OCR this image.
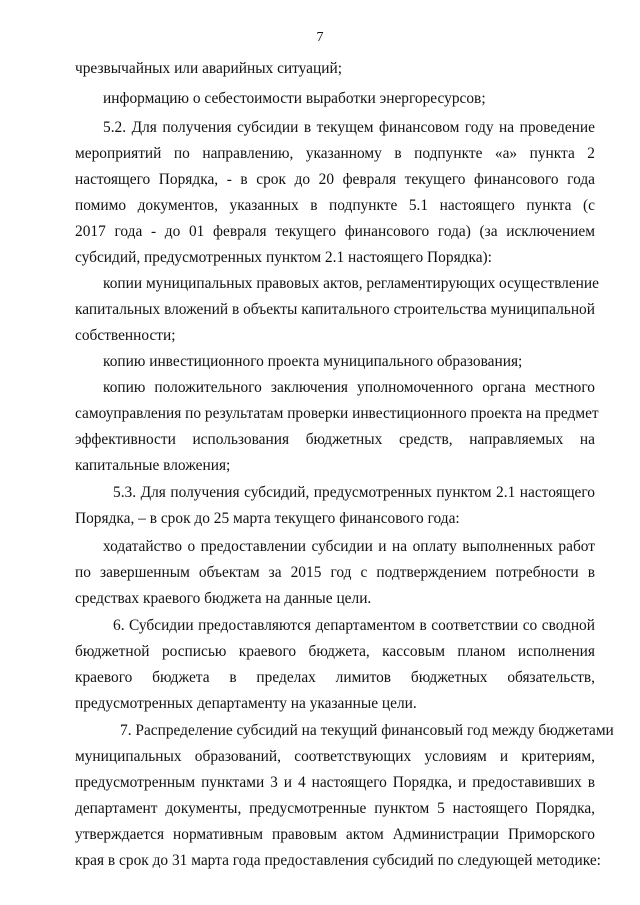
7
чрезвычайных или аварийных ситуаций;
информацию о себестоимости выработки энергоресурсов;
5.2. Для получения субсидии в текущем финансовом году на проведение
мероприятий по направлению, указанному в подпункте «а» пункта 2
настоящего Порядка, - в срок до 20 февраля текущего финансового года
помимо документов, указанных в подпункте 5.1 настоящего пункта (с
2017 года - до 01 февраля текущего финансового года) (за исключением
субсидий, предусмотренных пунктом 2.1 настоящего Порядка):
копии муниципальных правовых актов, регламентирующих осуществление
капитальных вложений в объекты капитального строительства муниципальной
собственности;
копию инвестиционного проекта муниципального образования;
копию положительного заключения уполномоченного органа местного
самоуправления по результатам проверки инвестиционного проекта на предмет
эффективности использования бюджетных средств, направляемых на
капитальные вложения;
5.3. Для получения субсидий, предусмотренных пунктом 2.1 настоящего
Порядка, – в срок до 25 марта текущего финансового года:
ходатайство о предоставлении субсидии и на оплату выполненных работ
по завершенным объектам за 2015 год с подтверждением потребности в
средствах краевого бюджета на данные цели.
6. Субсидии предоставляются департаментом в соответствии со сводной
бюджетной росписью краевого бюджета, кассовым планом исполнения
краевого бюджета в пределах лимитов бюджетных обязательств,
предусмотренных департаменту на указанные цели.
7. Распределение субсидий на текущий финансовый год между бюджетами
муниципальных образований, соответствующих условиям и критериям,
предусмотренным пунктами 3 и 4 настоящего Порядка, и предоставивших в
департамент документы, предусмотренные пунктом 5 настоящего Порядка,
утверждается нормативным правовым актом Администрации Приморского
края в срок до 31 марта года предоставления субсидий по следующей методике:
